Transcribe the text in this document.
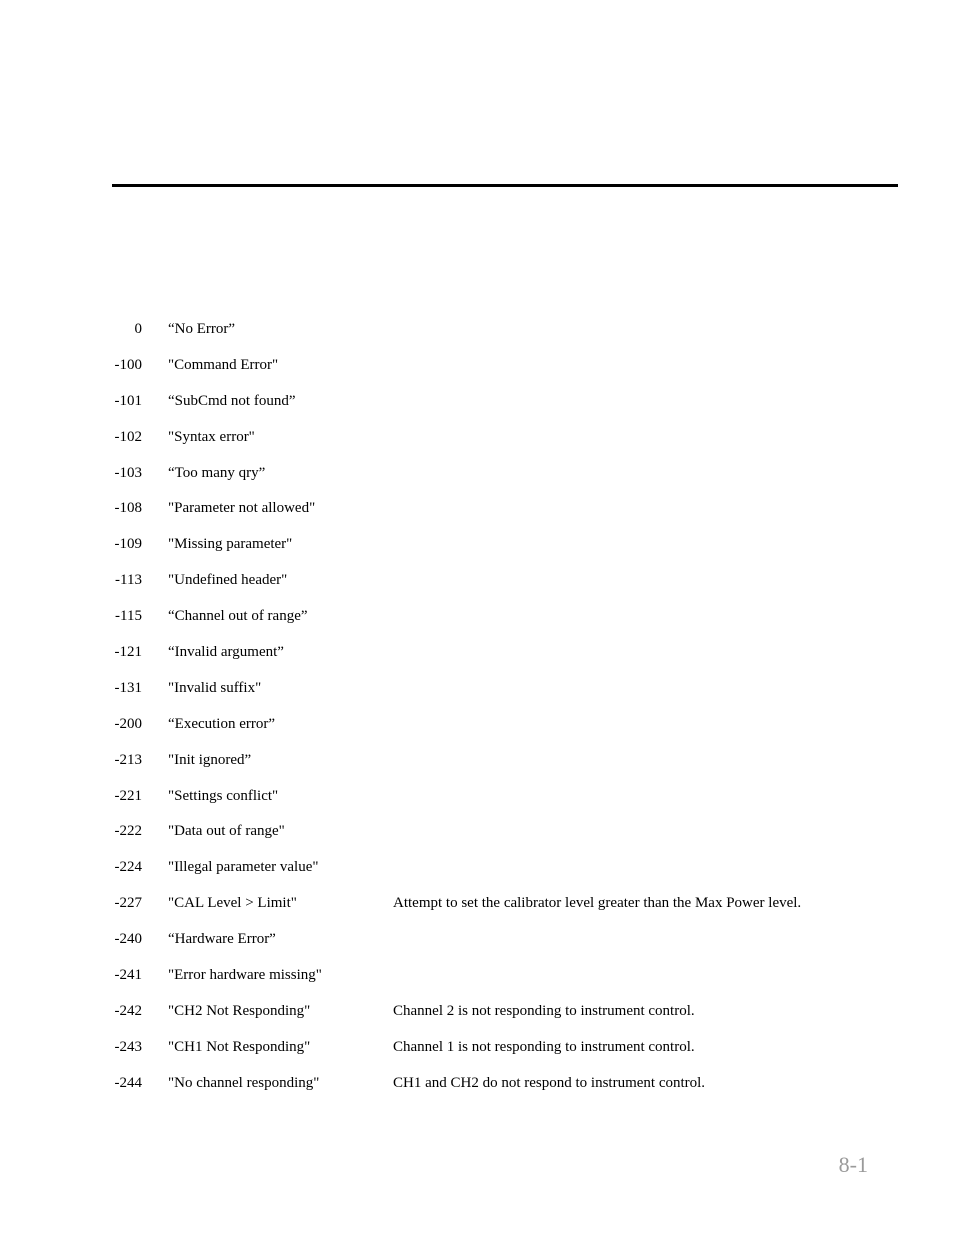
0 “No Error”
-100 "Command Error"
-101 “SubCmd not found”
-102 "Syntax error"
-103 “Too many qry”
-108 "Parameter not allowed"
-109 "Missing parameter"
-113 "Undefined header"
-115 “Channel out of range”
-121 “Invalid argument”
-131 "Invalid suffix"
-200 “Execution error”
-213 "Init ignored”
-221 "Settings conflict"
-222 "Data out of range"
-224 "Illegal parameter value"
-227 "CAL Level > Limit"	Attempt to set the calibrator level greater than the Max Power level.
-240 “Hardware Error”
-241 "Error hardware missing"
-242 "CH2 Not Responding"	Channel 2 is not responding to instrument control.
-243 "CH1 Not Responding"	Channel 1 is not responding to instrument control.
-244 "No channel responding"	CH1 and CH2 do not respond to instrument control.
8-1
